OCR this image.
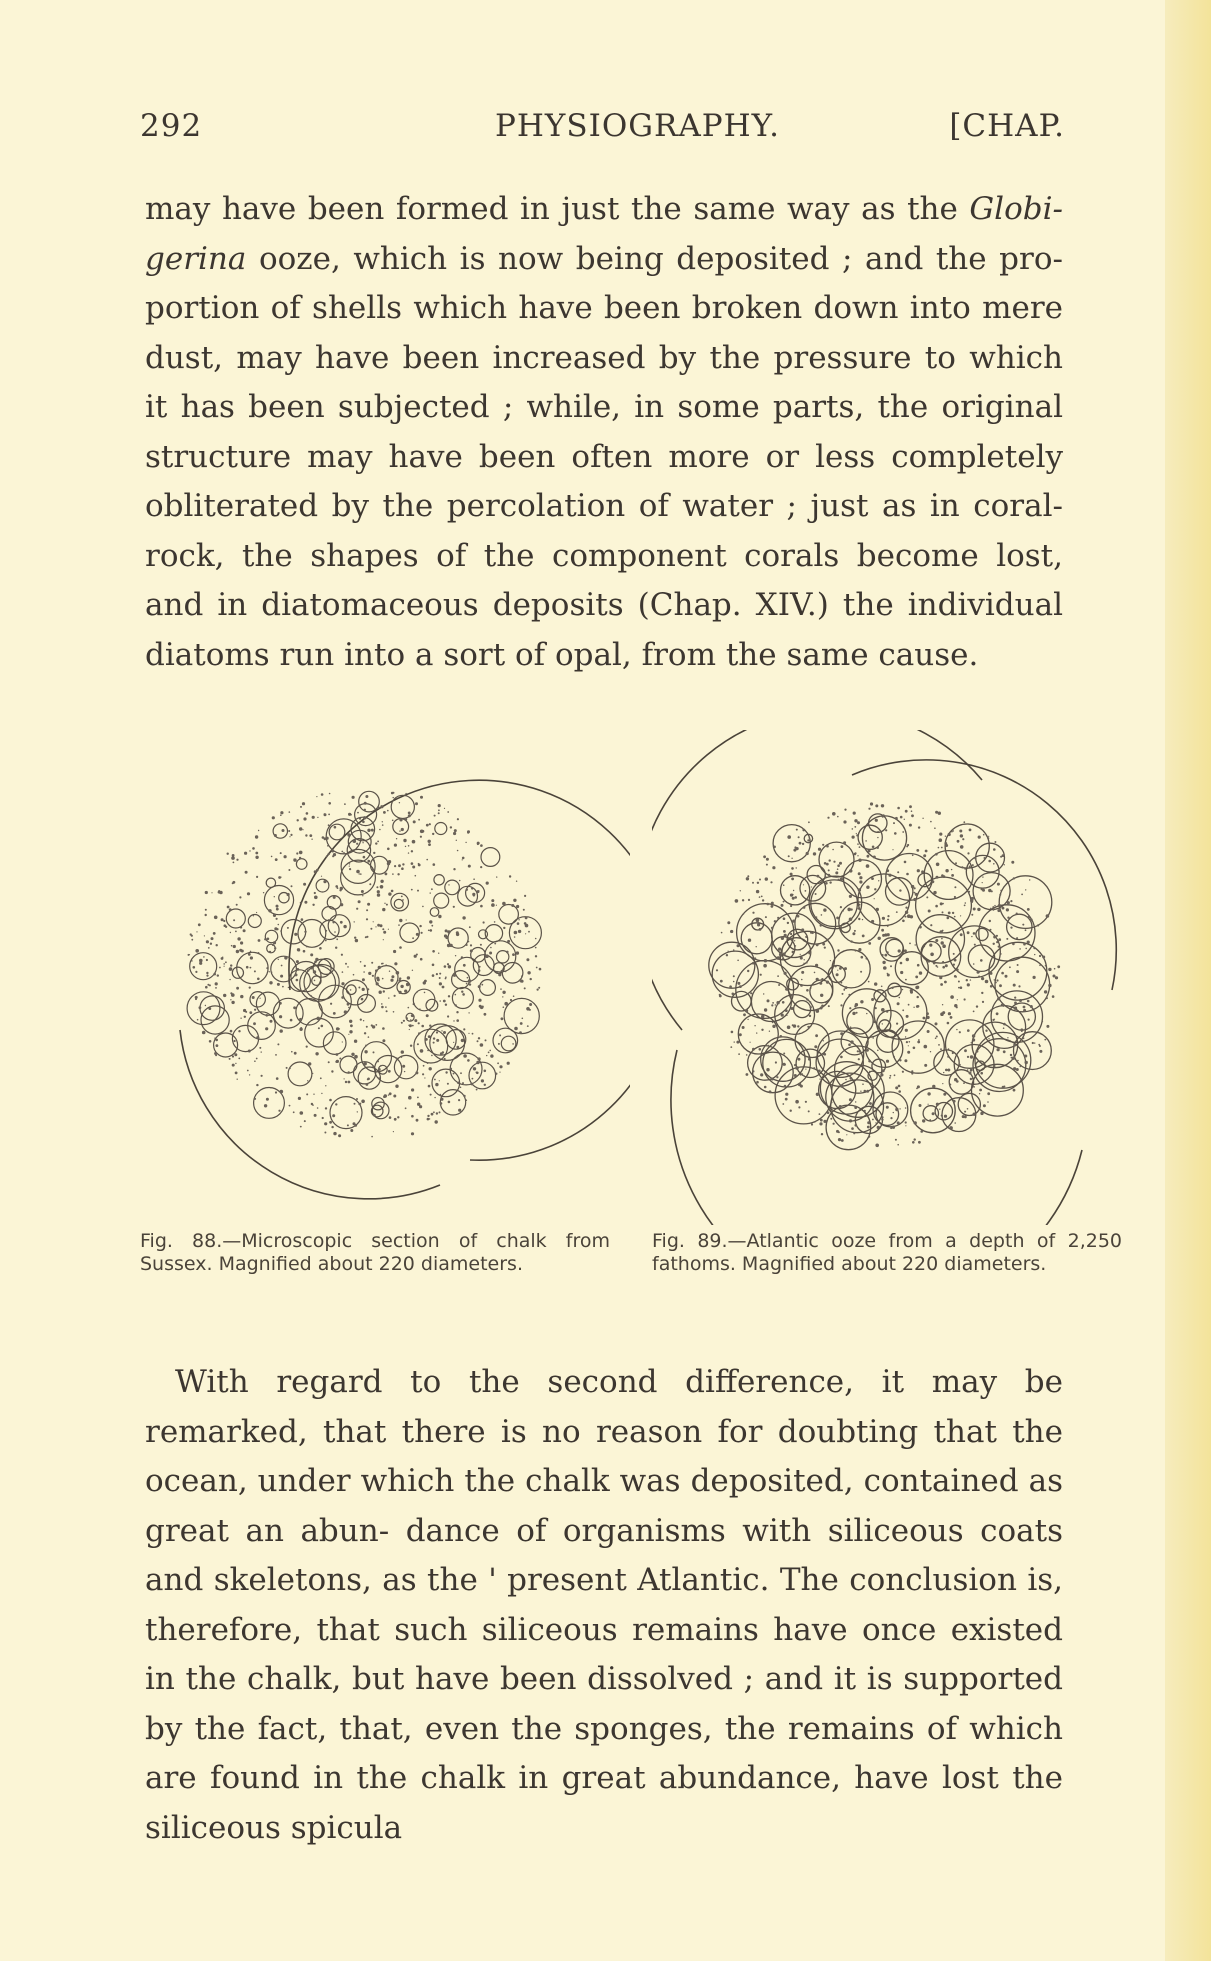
292	PHYSIOGRAPHY.	[CHAP.

may have been formed in just the same way as the Globi- gerina ooze, which is now being deposited ; and the pro- portion of shells which have been broken down into mere dust, may have been increased by the pressure to which it has been subjected ; while, in some parts, the original structure may have been often more or less completely obliterated by the percolation of water ; just as in coral- rock, the shapes of the component corals become lost, and in diatomaceous deposits (Chap. XIV.) the individual diatoms run into a sort of opal, from the same cause.

Fig. 88.—Microscopic section of chalk from Sussex. Magnified about 220 diameters.

Fig. 89.—Atlantic ooze from a depth of 2,250 fathoms. Magnified about 220 diameters.

With regard to the second difference, it may be remarked, that there is no reason for doubting that the ocean, under which the chalk was deposited, contained as great an abun- dance of organisms with siliceous coats and skeletons, as the ' present Atlantic. The conclusion is, therefore, that such siliceous remains have once existed in the chalk, but have been dissolved ; and it is supported by the fact, that, even the sponges, the remains of which are found in the chalk in great abundance, have lost the siliceous spicula
